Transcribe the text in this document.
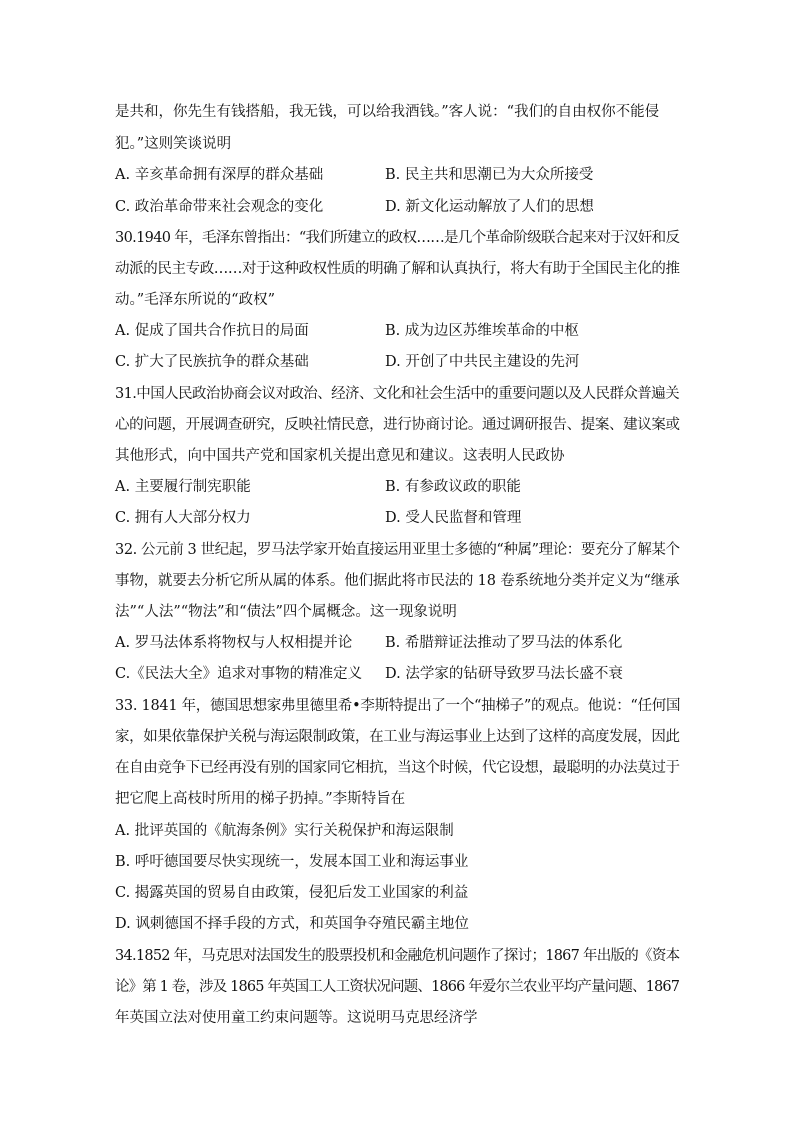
是共和，你先生有钱搭船，我无钱，可以给我酒钱。”客人说：“我们的自由权你不能侵
犯。”这则笑谈说明
A. 辛亥革命拥有深厚的群众基础	B. 民主共和思潮已为大众所接受
C. 政治革命带来社会观念的变化	D. 新文化运动解放了人们的思想
30.1940 年，毛泽东曾指出：“我们所建立的政权……是几个革命阶级联合起来对于汉奸和反
动派的民主专政……对于这种政权性质的明确了解和认真执行，将大有助于全国民主化的推
动。”毛泽东所说的“政权”
A. 促成了国共合作抗日的局面	B. 成为边区苏维埃革命的中枢
C. 扩大了民族抗争的群众基础	D. 开创了中共民主建设的先河
31.中国人民政治协商会议对政治、经济、文化和社会生活中的重要问题以及人民群众普遍关
心的问题，开展调查研究，反映社情民意，进行协商讨论。通过调研报告、提案、建议案或
其他形式，向中国共产党和国家机关提出意见和建议。这表明人民政协
A. 主要履行制宪职能	B. 有参政议政的职能
C. 拥有人大部分权力	D. 受人民监督和管理
32. 公元前 3 世纪起，罗马法学家开始直接运用亚里士多德的“种属”理论：要充分了解某个
事物，就要去分析它所从属的体系。他们据此将市民法的 18 卷系统地分类并定义为“继承
法”“人法”“物法”和“债法”四个属概念。这一现象说明
A. 罗马法体系将物权与人权相提并论 B. 希腊辩证法推动了罗马法的体系化
C.《民法大全》追求对事物的精准定义 D. 法学家的钻研导致罗马法长盛不衰
33. 1841 年，德国思想家弗里德里希•李斯特提出了一个“抽梯子”的观点。他说：“任何国
家，如果依靠保护关税与海运限制政策，在工业与海运事业上达到了这样的高度发展，因此
在自由竞争下已经再没有别的国家同它相抗，当这个时候，代它设想，最聪明的办法莫过于
把它爬上高枝时所用的梯子扔掉。”李斯特旨在
A. 批评英国的《航海条例》实行关税保护和海运限制
B. 呼吁德国要尽快实现统一，发展本国工业和海运事业
C. 揭露英国的贸易自由政策，侵犯后发工业国家的利益
D. 讽刺德国不择手段的方式，和英国争夺殖民霸主地位
34.1852 年，马克思对法国发生的股票投机和金融危机问题作了探讨；1867 年出版的《资本
论》第 1 卷，涉及 1865 年英国工人工资状况问题、1866 年爱尔兰农业平均产量问题、1867
年英国立法对使用童工约束问题等。这说明马克思经济学
